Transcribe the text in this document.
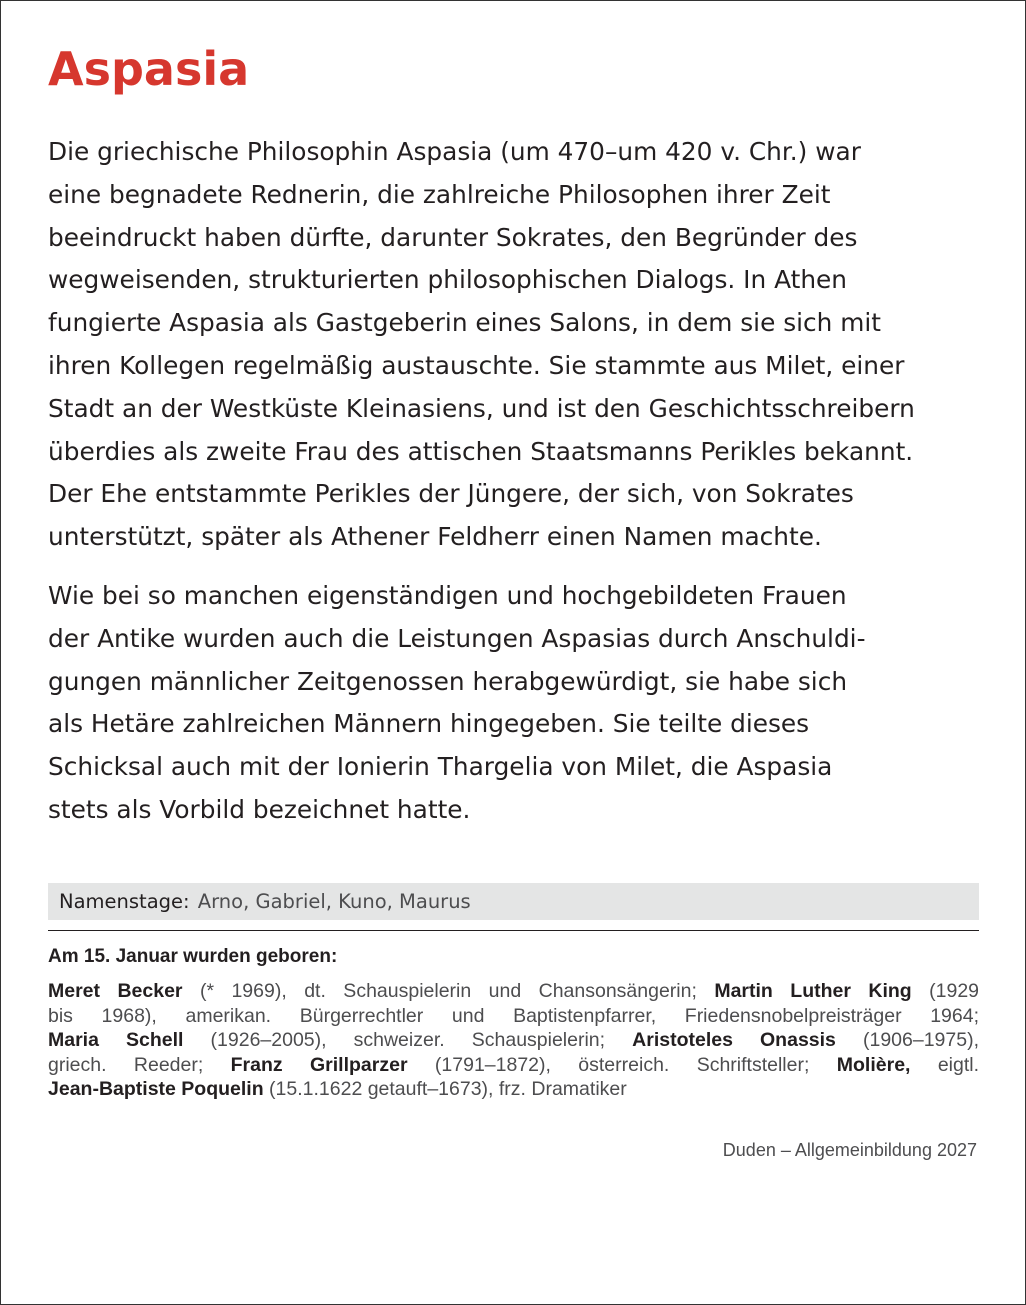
Aspasia
Die griechische Philosophin Aspasia (um 470–um 420 v. Chr.) war
eine begnadete Rednerin, die zahlreiche Philosophen ihrer Zeit
beeindruckt haben dürfte, darunter Sokrates, den Begründer des
wegweisenden, strukturierten philosophischen Dialogs. In Athen
fungierte Aspasia als Gastgeberin eines Salons, in dem sie sich mit
ihren Kollegen regelmäßig austauschte. Sie stammte aus Milet, einer
Stadt an der Westküste Kleinasiens, und ist den Geschichtsschreibern
überdies als zweite Frau des attischen Staatsmanns Perikles bekannt.
Der Ehe entstammte Perikles der Jüngere, der sich, von Sokrates
unterstützt, später als Athener Feldherr einen Namen machte.
Wie bei so manchen eigenständigen und hochgebildeten Frauen
der Antike wurden auch die Leistungen Aspasias durch Anschuldi-
gungen männlicher Zeitgenossen herabgewürdigt, sie habe sich
als Hetäre zahlreichen Männern hingegeben. Sie teilte dieses
Schicksal auch mit der Ionierin Thargelia von Milet, die Aspasia
stets als Vorbild bezeichnet hatte.
Namenstage: Arno, Gabriel, Kuno, Maurus
Am 15. Januar wurden geboren:
Meret Becker (* 1969), dt. Schauspielerin und Chansonsängerin; Martin Luther King (1929
bis 1968), amerikan. Bürgerrechtler und Baptistenpfarrer, Friedensnobelpreisträger 1964;
Maria Schell (1926–2005), schweizer. Schauspielerin; Aristoteles Onassis (1906–1975),
griech. Reeder; Franz Grillparzer (1791–1872), österreich. Schriftsteller; Molière, eigtl.
Jean-Baptiste Poquelin (15.1.1622 getauft–1673), frz. Dramatiker
Duden – Allgemeinbildung 2027
